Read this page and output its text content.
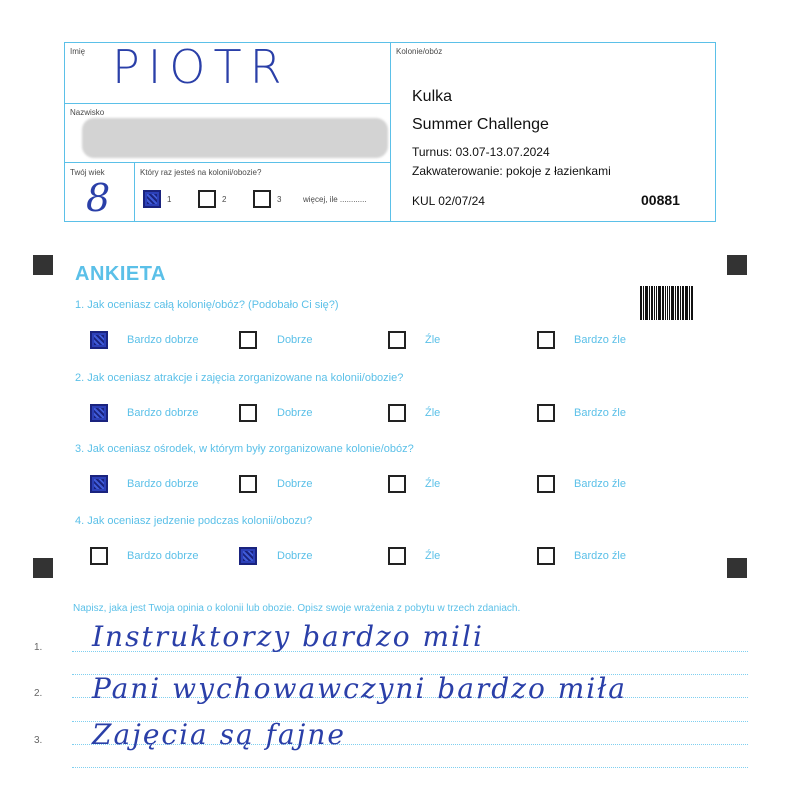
Imię PIOTR
Nazwisko
Twój wiek
8
Który raz jesteś na kolonii/obozie?
1	2	3	więcej, ile ............
Kolonie/obóz
Kulka
Summer Challenge
Turnus: 03.07-13.07.2024
Zakwaterowanie: pokoje z łazienkami
KUL 02/07/24	00881
ANKIETA
1. Jak oceniasz całą kolonię/obóz? (Podobało Ci się?)
Bardzo dobrze	Dobrze	Źle	Bardzo źle
2. Jak oceniasz atrakcje i zajęcia zorganizowane na kolonii/obozie?
Bardzo dobrze	Dobrze	Źle	Bardzo źle
3. Jak oceniasz ośrodek, w którym były zorganizowane kolonie/obóz?
Bardzo dobrze	Dobrze	Źle	Bardzo źle
4. Jak oceniasz jedzenie podczas kolonii/obozu?
Bardzo dobrze	Dobrze	Źle	Bardzo źle
Napisz, jaka jest Twoja opinia o kolonii lub obozie. Opisz swoje wrażenia z pobytu w trzech zdaniach.
1.
2.
3.
Instruktorzy bardzo mili
Pani wychowawczyni bardzo miła
Zajęcia są fajne
